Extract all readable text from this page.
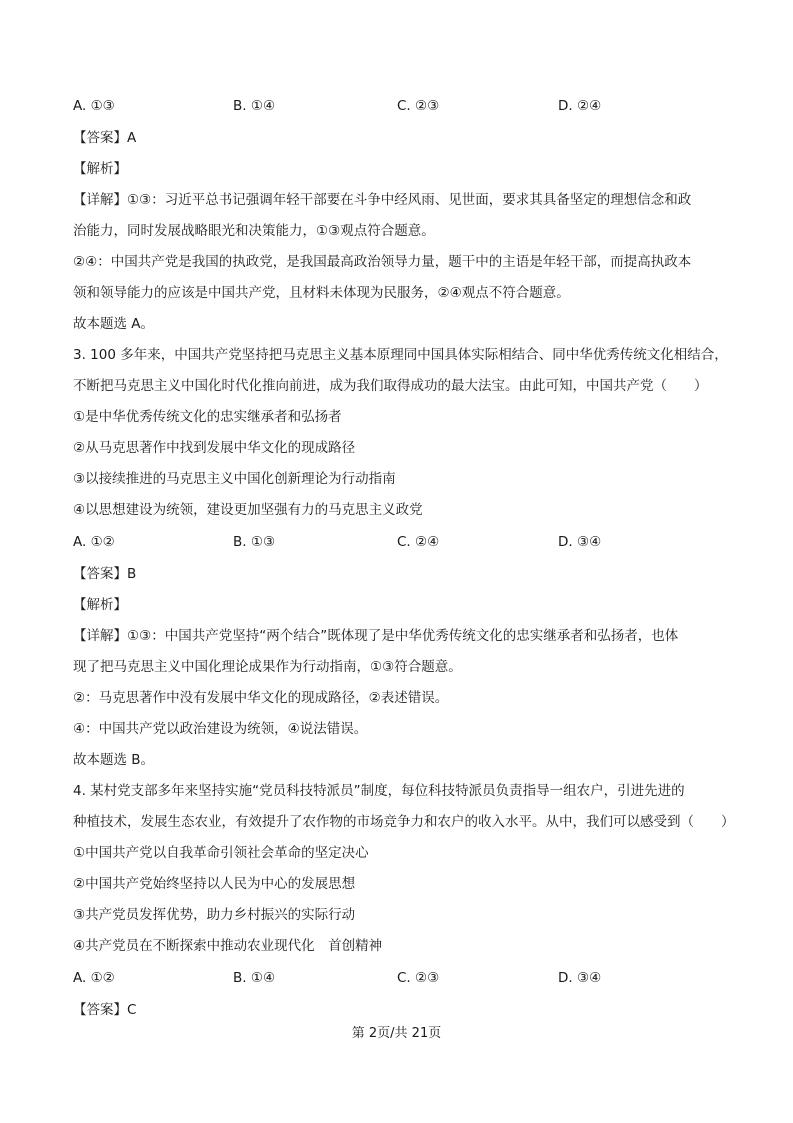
A. ①③	B. ①④	C. ②③	D. ②④
【答案】A
【解析】
【详解】①③：习近平总书记强调年轻干部要在斗争中经风雨、见世面，要求其具备坚定的理想信念和政
治能力，同时发展战略眼光和决策能力，①③观点符合题意。
②④：中国共产党是我国的执政党，是我国最高政治领导力量，题干中的主语是年轻干部，而提高执政本
领和领导能力的应该是中国共产党，且材料未体现为民服务，②④观点不符合题意。
故本题选 A。
3. 100 多年来，中国共产党坚持把马克思主义基本原理同中国具体实际相结合、同中华优秀传统文化相结合，
不断把马克思主义中国化时代化推向前进，成为我们取得成功的最大法宝。由此可知，中国共产党（　　）
①是中华优秀传统文化的忠实继承者和弘扬者
②从马克思著作中找到发展中华文化的现成路径
③以接续推进的马克思主义中国化创新理论为行动指南
④以思想建设为统领，建设更加坚强有力的马克思主义政党
A. ①②	B. ①③	C. ②④	D. ③④
【答案】B
【解析】
【详解】①③：中国共产党坚持“两个结合”既体现了是中华优秀传统文化的忠实继承者和弘扬者，也体
现了把马克思主义中国化理论成果作为行动指南，①③符合题意。
②：马克思著作中没有发展中华文化的现成路径，②表述错误。
④：中国共产党以政治建设为统领，④说法错误。
故本题选 B。
4. 某村党支部多年来坚持实施“党员科技特派员”制度，每位科技特派员负责指导一组农户，引进先进的
种植技术，发展生态农业，有效提升了农作物的市场竞争力和农户的收入水平。从中，我们可以感受到（　　）
①中国共产党以自我革命引领社会革命的坚定决心
②中国共产党始终坚持以人民为中心的发展思想
③共产党员发挥优势，助力乡村振兴的实际行动
④共产党员在不断探索中推动农业现代化　首创精神
A. ①②	B. ①④	C. ②③	D. ③④
【答案】C
第 2页/共 21页
